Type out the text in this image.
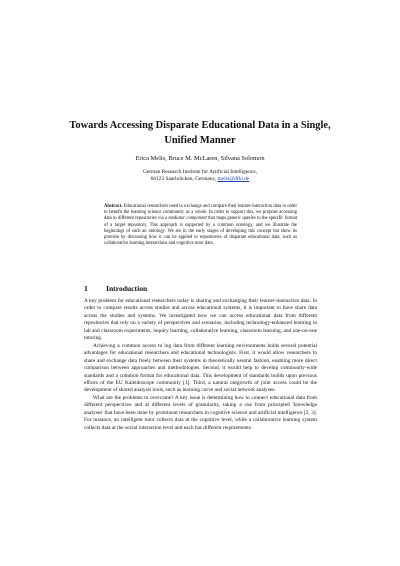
Towards Accessing Disparate Educational Data in a Single, Unified Manner
Erica Melis, Bruce M. McLaren, Silvana Solomon
German Research Institute for Artificial Intelligence,
66123 Saarbrücken, Germany, melis@dfki.de
Abstract. Educational researchers need to exchange and compare their learner-interaction data in order to benefit the learning science community as a whole. In order to support this, we propose accessing data in different repositories via a mediator component that maps generic queries to the specific format of a target repository. This approach is supported by a common ontology, and we illustrate the beginnings of such an ontology. We are in the early stages of developing this concept but show its promise by discussing how it can be applied to repositories of disparate educational data, such as collaborative learning interactions and cognitive tutor data.
1 Introduction

A key problem for educational researchers today is sharing and exchanging their learner-interaction data. In order to compare results across studies and across educational systems, it is important to have share data across the studies and systems. We investigated how we can access educational data from different repositories that rely on a variety of perspectives and scenarios, including technology-enhanced learning in lab and classroom experiments, inquiry learning, collaborative learning, classroom learning, and one-on-one tutoring.

Achieving a common access to log data from different learning environments holds several potential advantages for educational researchers and educational technologists. First, it would allow researchers to share and exchange data freely between their systems in theoretically neutral fashion, enabling more direct comparison between approaches and methodologies. Second, it would help to develop community-wide standards and a common format for educational data. This development of standards builds upon previous efforts of the EU Kaleidoscope community [1]. Third, a natural outgrowth of joint access could be the development of shared analysis tools, such as learning curve and social network analyses.

What are the problems to overcome? A key issue is determining how to connect educational data from different perspectives and at different levels of granularity, taking a cue from principled 'knowledge analyses' that have been done by prominent researchers in cognitive science and artificial intelligence [2, 3]. For instance, an intelligent tutor collects data at the cognitive level, while a collaborative learning system collects data at the social interaction level and each has different requirements
